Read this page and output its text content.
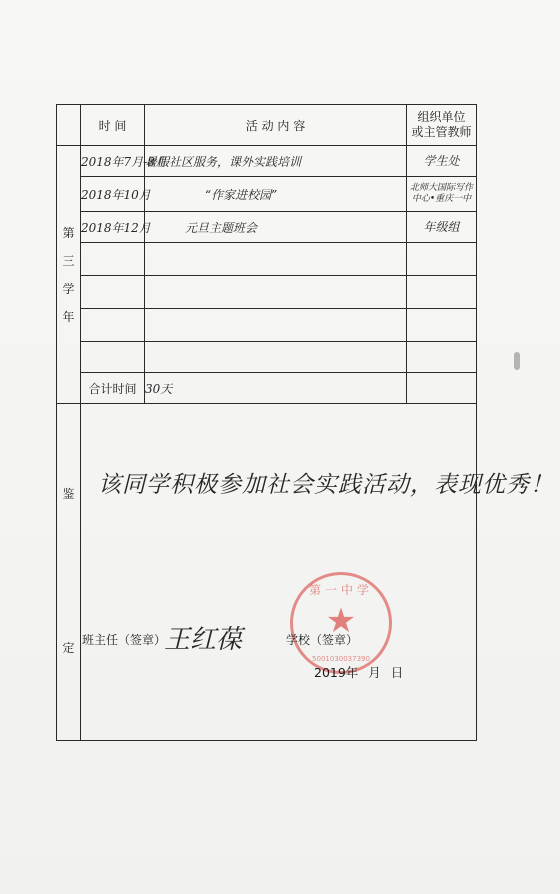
	时 间	活 动 内 容	组织单位
或主管教师

第
三
学
年	2018年7月-8月	暑假社区服务，课外实践培训	学生处
	2018年10月	“作家进校园”	北师大国际写作中心•重庆一中
	2018年12月	元旦主题班会	年级组

	合计时间	30天	

鉴
定			

该同学积极参加社会实践活动，表现优秀！
第一中学
★
5001030037390
班主任（签章）
王红葆	学校（签章）
2019年 月 日
